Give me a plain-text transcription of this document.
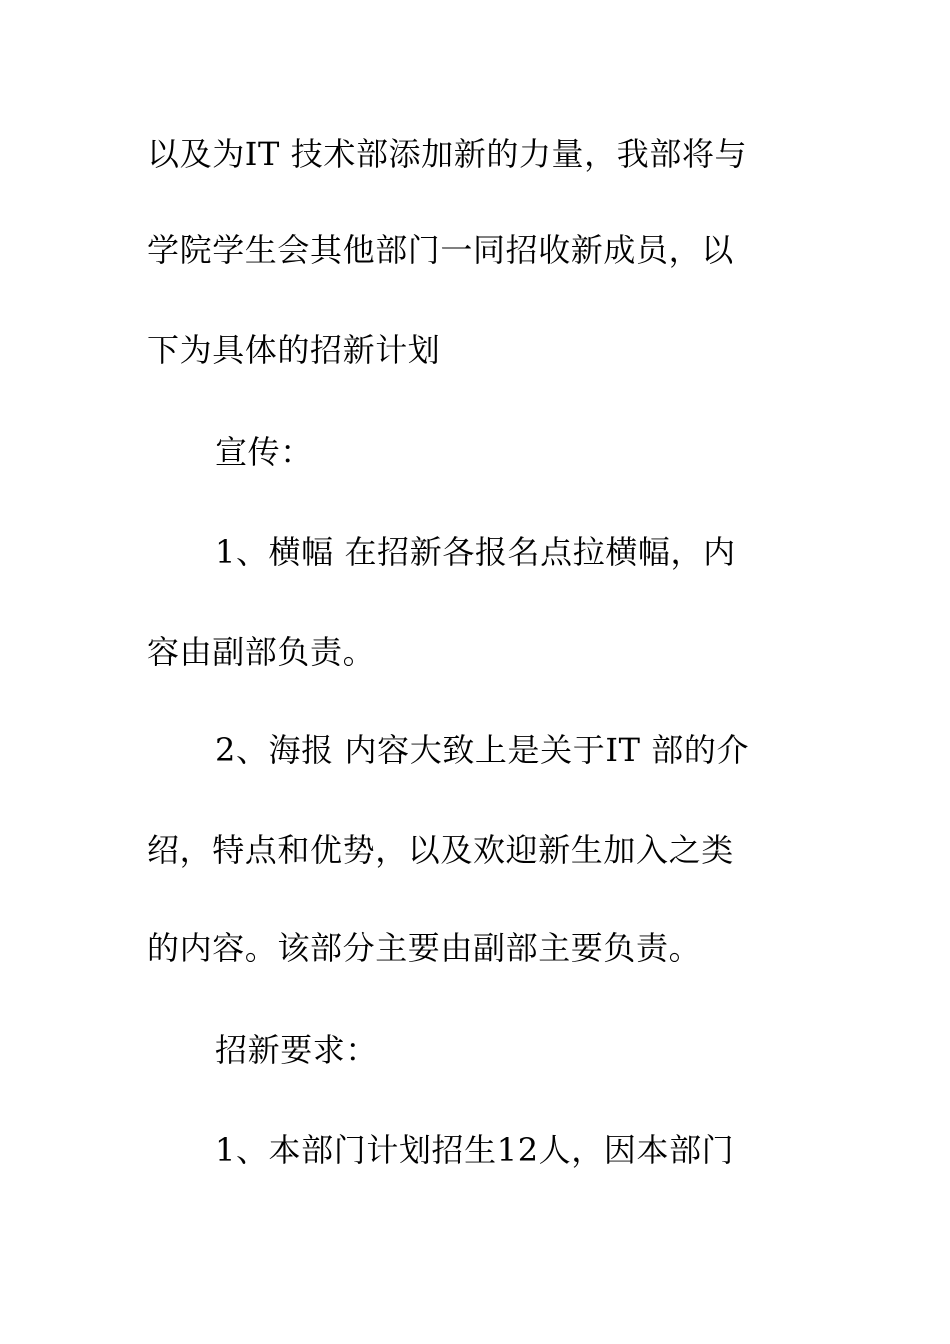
以及为IT 技术部添加新的力量，我部将与
学院学生会其他部门一同招收新成员，以
下为具体的招新计划
宣传：
1、横幅 在招新各报名点拉横幅，内
容由副部负责。
2、海报 内容大致上是关于IT 部的介
绍，特点和优势，以及欢迎新生加入之类
的内容。该部分主要由副部主要负责。
招新要求：
1、本部门计划招生12人，因本部门
